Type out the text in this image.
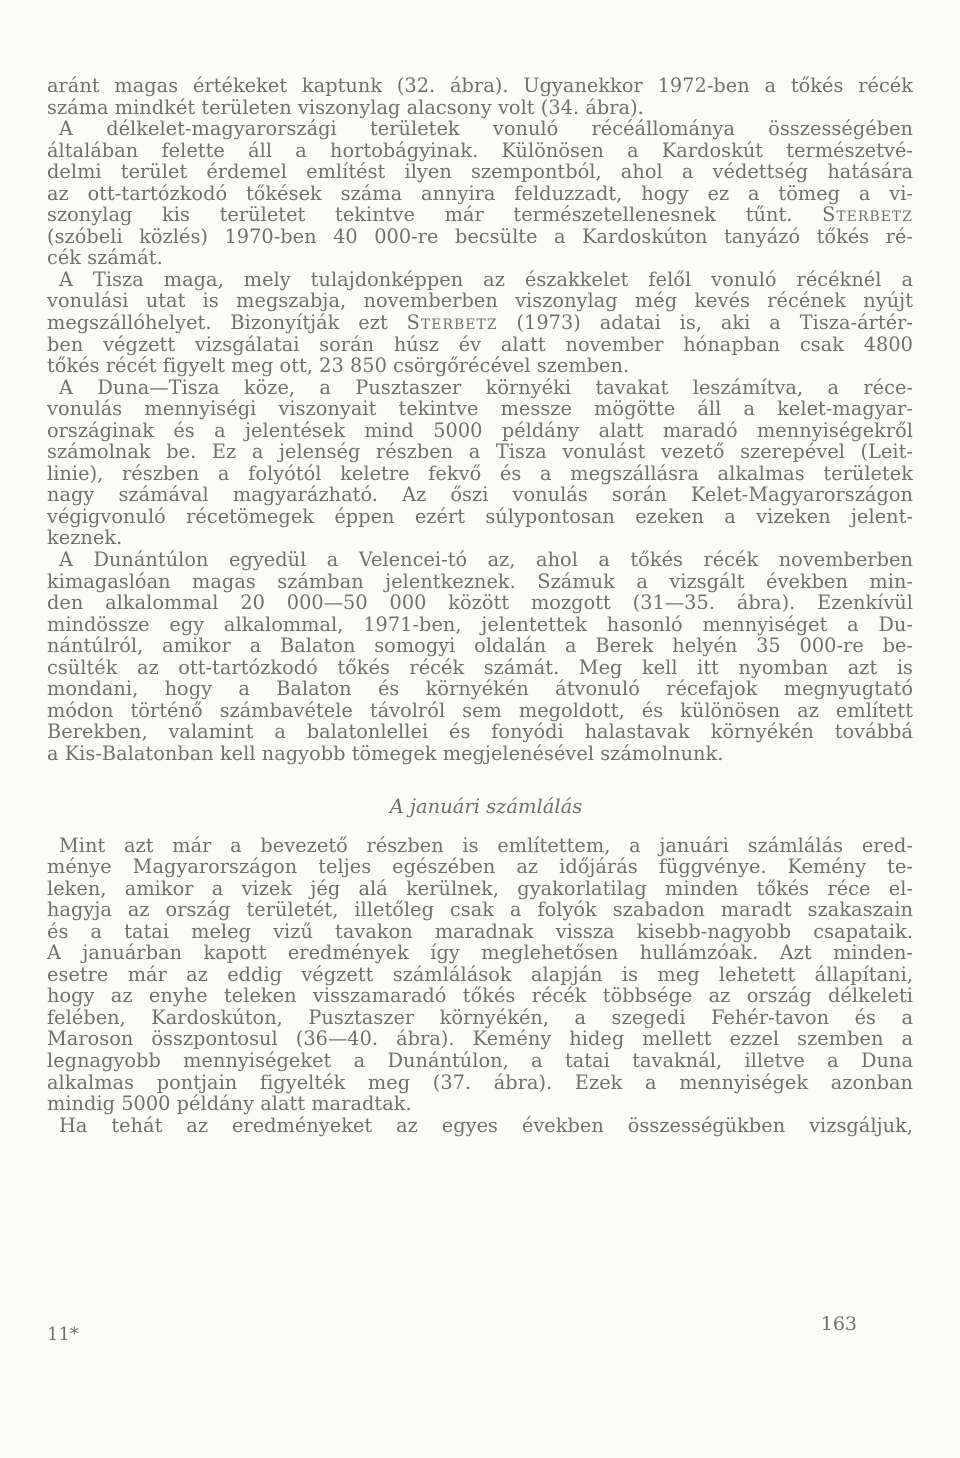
aránt magas értékeket kaptunk (32. ábra). Ugyanekkor 1972-ben a tőkés récék
száma mindkét területen viszonylag alacsony volt (34. ábra).
A délkelet-magyarországi területek vonuló récéállománya összességében
általában felette áll a hortobágyinak. Különösen a Kardoskút természetvé-
delmi terület érdemel említést ilyen szempontból, ahol a védettség hatására
az ott-tartózkodó tőkések száma annyira felduzzadt, hogy ez a tömeg a vi-
szonylag kis területet tekintve már természetellenesnek tűnt. Sterbetz
(szóbeli közlés) 1970-ben 40 000-re becsülte a Kardoskúton tanyázó tőkés ré-
cék számát.
A Tisza maga, mely tulajdonképpen az északkelet felől vonuló récéknél a
vonulási utat is megszabja, novemberben viszonylag még kevés récének nyújt
megszállóhelyet. Bizonyítják ezt Sterbetz (1973) adatai is, aki a Tisza-ártér-
ben végzett vizsgálatai során húsz év alatt november hónapban csak 4800
tőkés récét figyelt meg ott, 23 850 csörgőrécével szemben.
A Duna—Tisza köze, a Pusztaszer környéki tavakat leszámítva, a réce-
vonulás mennyiségi viszonyait tekintve messze mögötte áll a kelet-magyar-
országinak és a jelentések mind 5000 példány alatt maradó mennyiségekről
számolnak be. Ez a jelenség részben a Tisza vonulást vezető szerepével (Leit-
linie), részben a folyótól keletre fekvő és a megszállásra alkalmas területek
nagy számával magyarázható. Az őszi vonulás során Kelet-Magyarországon
végigvonuló récetömegek éppen ezért súlypontosan ezeken a vizeken jelent-
keznek.
A Dunántúlon egyedül a Velencei-tó az, ahol a tőkés récék novemberben
kimagaslóan magas számban jelentkeznek. Számuk a vizsgált években min-
den alkalommal 20 000—50 000 között mozgott (31—35. ábra). Ezenkívül
mindössze egy alkalommal, 1971-ben, jelentettek hasonló mennyiséget a Du-
nántúlról, amikor a Balaton somogyi oldalán a Berek helyén 35 000-re be-
csülték az ott-tartózkodó tőkés récék számát. Meg kell itt nyomban azt is
mondani, hogy a Balaton és környékén átvonuló récefajok megnyugtató
módon történő számbavétele távolról sem megoldott, és különösen az említett
Berekben, valamint a balatonlellei és fonyódi halastavak környékén továbbá
a Kis-Balatonban kell nagyobb tömegek megjelenésével számolnunk.
A januári számlálás
Mint azt már a bevezető részben is említettem, a januári számlálás ered-
ménye Magyarországon teljes egészében az időjárás függvénye. Kemény te-
leken, amikor a vizek jég alá kerülnek, gyakorlatilag minden tőkés réce el-
hagyja az ország területét, illetőleg csak a folyók szabadon maradt szakaszain
és a tatai meleg vizű tavakon maradnak vissza kisebb-nagyobb csapataik.
A januárban kapott eredmények így meglehetősen hullámzóak. Azt minden-
esetre már az eddig végzett számlálások alapján is meg lehetett állapítani,
hogy az enyhe teleken visszamaradó tőkés récék többsége az ország délkeleti
felében, Kardoskúton, Pusztaszer környékén, a szegedi Fehér-tavon és a
Maroson összpontosul (36—40. ábra). Kemény hideg mellett ezzel szemben a
legnagyobb mennyiségeket a Dunántúlon, a tatai tavaknál, illetve a Duna
alkalmas pontjain figyelték meg (37. ábra). Ezek a mennyiségek azonban
mindig 5000 példány alatt maradtak.
Ha tehát az eredményeket az egyes években összességükben vizsgáljuk,
11*	163
